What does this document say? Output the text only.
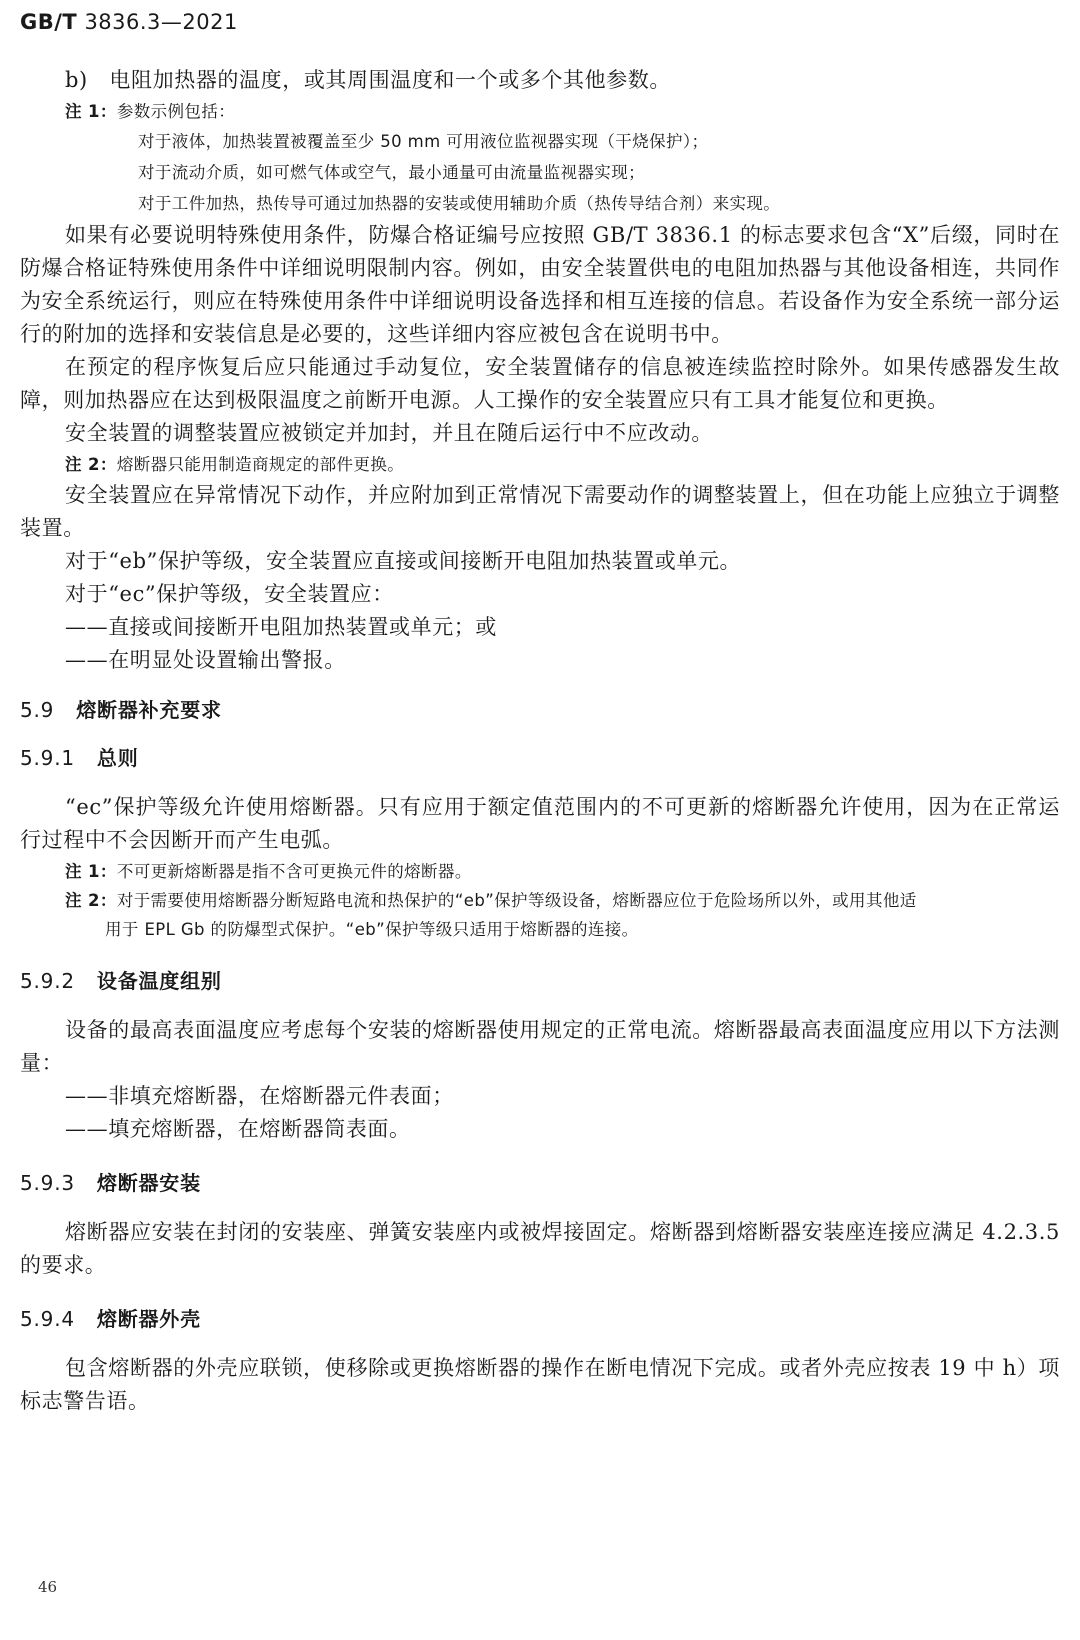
GB/T 3836.3—2021

b)　电阻加热器的温度，或其周围温度和一个或多个其他参数。

注 1：参数示例包括：

对于液体，加热装置被覆盖至少 50 mm 可用液位监视器实现（干烧保护）；

对于流动介质，如可燃气体或空气，最小通量可由流量监视器实现；

对于工件加热，热传导可通过加热器的安装或使用辅助介质（热传导结合剂）来实现。

如果有必要说明特殊使用条件，防爆合格证编号应按照 GB/T 3836.1 的标志要求包含“X”后缀，同时在防爆合格证特殊使用条件中详细说明限制内容。例如，由安全装置供电的电阻加热器与其他设备相连，共同作为安全系统运行，则应在特殊使用条件中详细说明设备选择和相互连接的信息。若设备作为安全系统一部分运行的附加的选择和安装信息是必要的，这些详细内容应被包含在说明书中。

在预定的程序恢复后应只能通过手动复位，安全装置储存的信息被连续监控时除外。如果传感器发生故障，则加热器应在达到极限温度之前断开电源。人工操作的安全装置应只有工具才能复位和更换。

安全装置的调整装置应被锁定并加封，并且在随后运行中不应改动。

注 2：熔断器只能用制造商规定的部件更换。

安全装置应在异常情况下动作，并应附加到正常情况下需要动作的调整装置上，但在功能上应独立于调整装置。

对于“eb”保护等级，安全装置应直接或间接断开电阻加热装置或单元。

对于“ec”保护等级，安全装置应：

——直接或间接断开电阻加热装置或单元；或

——在明显处设置输出警报。

5.9 熔断器补充要求

5.9.1 总则

“ec”保护等级允许使用熔断器。只有应用于额定值范围内的不可更新的熔断器允许使用，因为在正常运行过程中不会因断开而产生电弧。

注 1：不可更新熔断器是指不含可更换元件的熔断器。

注 2：对于需要使用熔断器分断短路电流和热保护的“eb”保护等级设备，熔断器应位于危险场所以外，或用其他适

用于 EPL Gb 的防爆型式保护。“eb”保护等级只适用于熔断器的连接。

5.9.2 设备温度组别

设备的最高表面温度应考虑每个安装的熔断器使用规定的正常电流。熔断器最高表面温度应用以下方法测量：

——非填充熔断器，在熔断器元件表面；

——填充熔断器，在熔断器筒表面。

5.9.3 熔断器安装

熔断器应安装在封闭的安装座、弹簧安装座内或被焊接固定。熔断器到熔断器安装座连接应满足 4.2.3.5 的要求。

5.9.4 熔断器外壳

包含熔断器的外壳应联锁，使移除或更换熔断器的操作在断电情况下完成。或者外壳应按表 19 中 h）项标志警告语。

46
